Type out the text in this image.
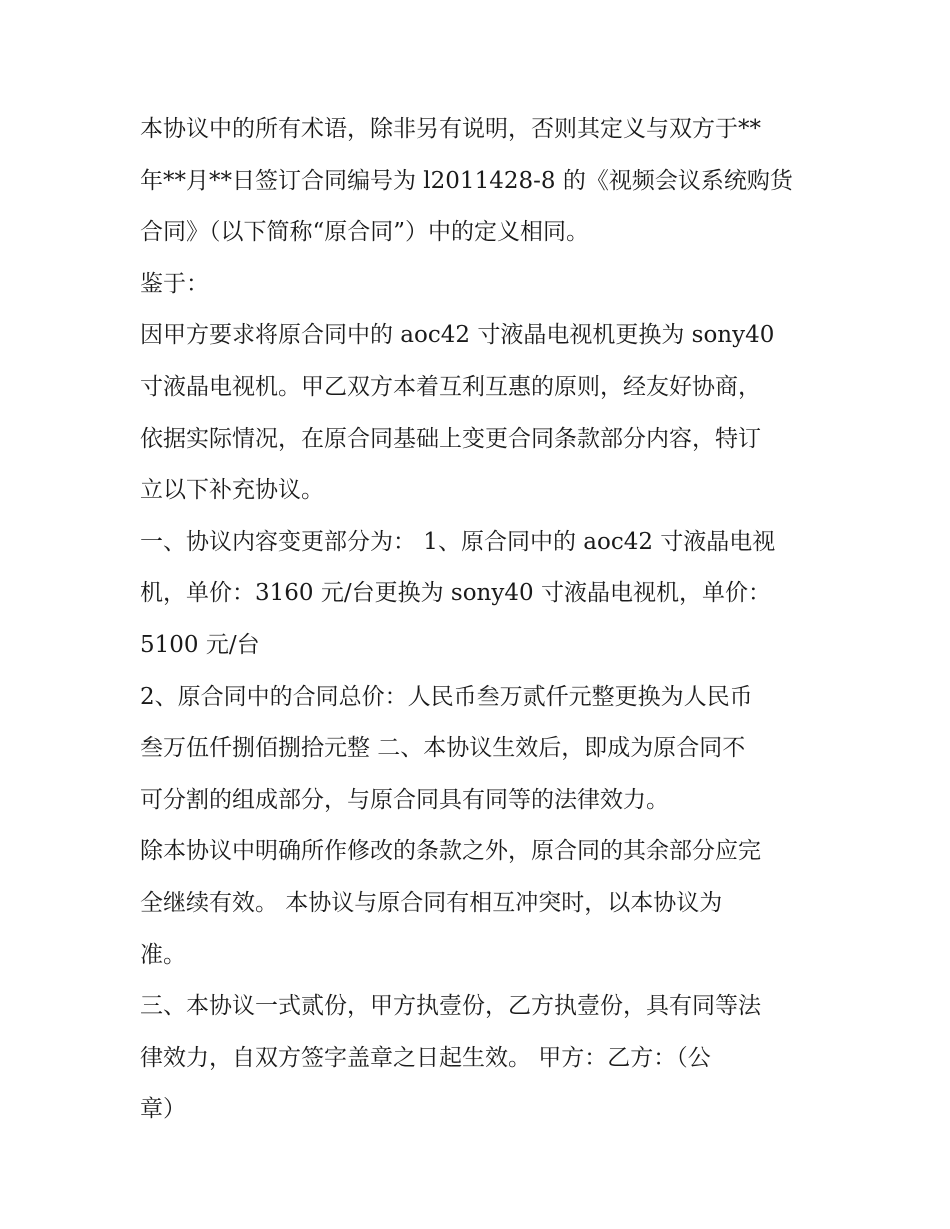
本协议中的所有术语，除非另有说明，否则其定义与双方于**
年**月**日签订合同编号为 l2011428-8 的《视频会议系统购货
合同》（以下简称“原合同”）中的定义相同。
鉴于：
因甲方要求将原合同中的 aoc42 寸液晶电视机更换为 sony40
寸液晶电视机。甲乙双方本着互利互惠的原则，经友好协商，
依据实际情况，在原合同基础上变更合同条款部分内容，特订
立以下补充协议。
一、协议内容变更部分为： 1、原合同中的 aoc42 寸液晶电视
机，单价：3160 元/台更换为 sony40 寸液晶电视机，单价：
5100 元/台
2、原合同中的合同总价：人民币叁万贰仟元整更换为人民币
叁万伍仟捌佰捌拾元整 二、本协议生效后，即成为原合同不
可分割的组成部分，与原合同具有同等的法律效力。
除本协议中明确所作修改的条款之外，原合同的其余部分应完
全继续有效。 本协议与原合同有相互冲突时，以本协议为
准。
三、本协议一式贰份，甲方执壹份，乙方执壹份，具有同等法
律效力，自双方签字盖章之日起生效。 甲方：乙方：（公
章）
